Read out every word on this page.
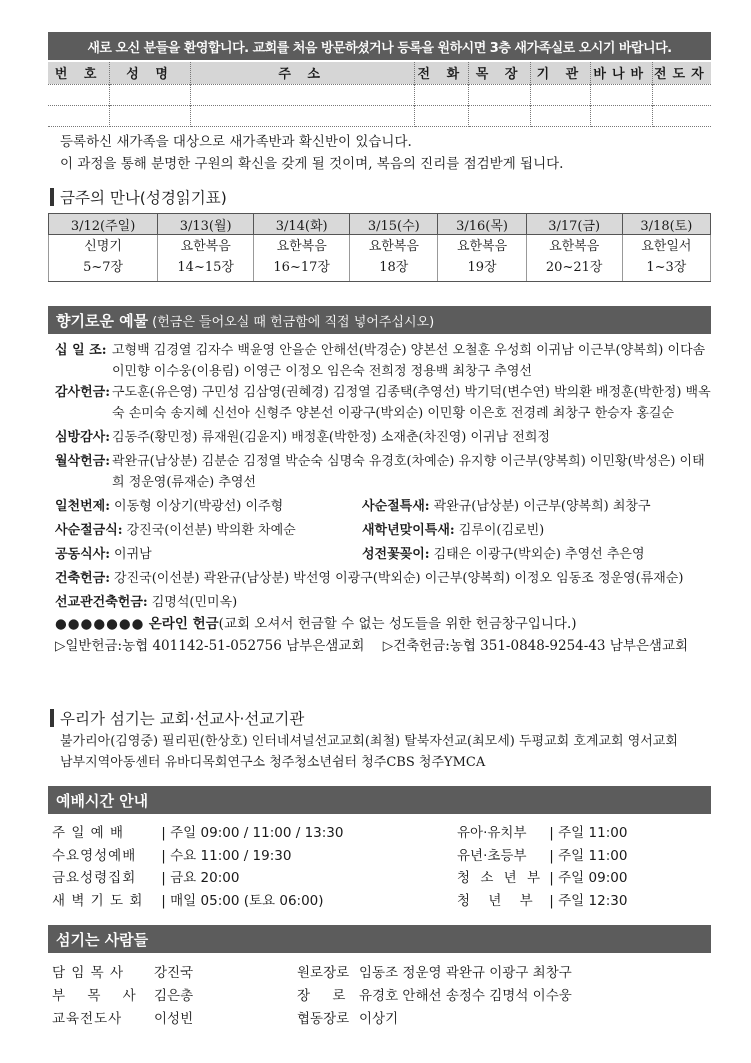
새로 오신 분들을 환영합니다. 교회를 처음 방문하셨거나 등록을 원하시면 3층 새가족실로 오시기 바랍니다.
번 호	성 명	주 소	전 화	목 장	기 관	바나바	전도자

등록하신 새가족을 대상으로 새가족반과 확신반이 있습니다.
이 과정을 통해 분명한 구원의 확신을 갖게 될 것이며, 복음의 진리를 점검받게 됩니다.
금주의 만나(성경읽기표)
3/12(주일)	3/13(월)	3/14(화)	3/15(수)	3/16(목)	3/17(금)	3/18(토)
신명기	요한복음	요한복음	요한복음	요한복음	요한복음	요한일서
5~7장	14~15장	16~17장	18장	19장	20~21장	1~3장
향기로운 예물 (헌금은 들어오실 때 헌금함에 직접 넣어주십시오)
십 일 조: 고형백 김경열 김자수 백윤영 안을순 안해선(박경순) 양본선 오철훈 우성희 이귀남 이근부(양복희) 이다솜 이민향 이수웅(이용림) 이영근 이정오 임은숙 전희정 정용백 최창구 추영선
감사헌금: 구도훈(유은영) 구민성 김삼영(권혜경) 김정열 김종택(추영선) 박기덕(변수연) 박의환 배정훈(박한정) 백옥숙 손미숙 송지혜 신선아 신형주 양본선 이광구(박외순) 이민황 이은호 전경례 최창구 한승자 홍길순
심방감사: 김동주(황민정) 류재원(김윤지) 배정훈(박한정) 소재춘(차진영) 이귀남 전희정
월삭헌금: 곽완규(남상분) 김분순 김정열 박순숙 심명숙 유경호(차예순) 유지향 이근부(양복희) 이민황(박성은) 이태희 정운영(류재순) 추영선
일천번제: 이동형 이상기(박광선) 이주형	사순절특새: 곽완규(남상분) 이근부(양복희) 최창구
사순절금식: 강진국(이선분) 박의환 차예순	새학년맞이특새: 김루이(김로빈)
공동식사: 이귀남	성전꽃꽂이: 김태은 이광구(박외순) 추영선 추은영
건축헌금: 강진국(이선분) 곽완규(남상분) 박선영 이광구(박외순) 이근부(양복희) 이정오 임동조 정운영(류재순)
선교관건축헌금: 김명석(민미옥)
●●●●●●● 온라인 헌금(교회 오셔서 헌금할 수 없는 성도들을 위한 헌금창구입니다.)
▷일반헌금:농협 401142-51-052756 남부은샘교회 ▷건축헌금:농협 351-0848-9254-43 남부은샘교회
우리가 섬기는 교회·선교사·선교기관
불가리아(김영중) 필리핀(한상호) 인터네셔널선교교회(최철) 탈북자선교(최모세) 두평교회 호계교회 영서교회
남부지역아동센터 유바디목회연구소 청주청소년쉼터 청주CBS 청주YMCA
예배시간 안내
주 일 예 배 | 주일 09:00 / 11:00 / 13:30	유아·유치부 | 주일 11:00
수요영성예배 | 수요 11:00 / 19:30	유년·초등부 | 주일 11:00
금요성령집회 | 금요 20:00	청 소 년 부 | 주일 09:00
새 벽 기 도 회 | 매일 05:00 (토요 06:00)	청 년 부 | 주일 12:30
섬기는 사람들
담 임 목 사 강진국	원로장로 임동조 정운영 곽완규 이광구 최창구
부 목 사 김은총	장 로 유경호 안해선 송정수 김명석 이수웅
교육전도사 이성빈	협동장로 이상기
